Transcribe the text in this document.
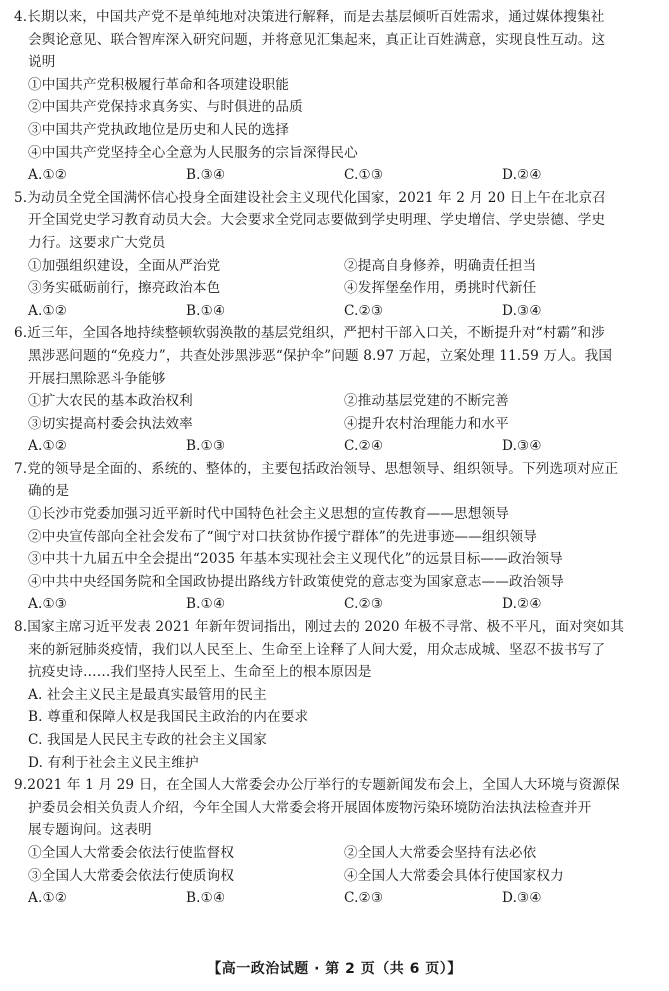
4.长期以来，中国共产党不是单纯地对决策进行解释，而是去基层倾听百姓需求，通过媒体搜集社
会舆论意见、联合智库深入研究问题，并将意见汇集起来，真正让百姓满意，实现良性互动。这
说明
①中国共产党积极履行革命和各项建设职能
②中国共产党保持求真务实、与时俱进的品质
③中国共产党执政地位是历史和人民的选择
④中国共产党坚持全心全意为人民服务的宗旨深得民心
A.①②	B.③④	C.①③	D.②④
5.为动员全党全国满怀信心投身全面建设社会主义现代化国家，2021 年 2 月 20 日上午在北京召
开全国党史学习教育动员大会。大会要求全党同志要做到学史明理、学史增信、学史崇德、学史
力行。这要求广大党员
①加强组织建设，全面从严治党	②提高自身修养，明确责任担当
③务实砥砺前行，擦亮政治本色	④发挥堡垒作用，勇挑时代新任
A.①②	B.①④	C.②③	D.③④
6.近三年，全国各地持续整顿软弱涣散的基层党组织，严把村干部入口关，不断提升对“村霸”和涉
黑涉恶问题的“免疫力”，共查处涉黑涉恶“保护伞”问题 8.97 万起，立案处理 11.59 万人。我国
开展扫黑除恶斗争能够
①扩大农民的基本政治权利	②推动基层党建的不断完善
③切实提高村委会执法效率	④提升农村治理能力和水平
A.①②	B.①③	C.②④	D.③④
7.党的领导是全面的、系统的、整体的，主要包括政治领导、思想领导、组织领导。下列选项对应正
确的是
①长沙市党委加强习近平新时代中国特色社会主义思想的宣传教育——思想领导
②中央宣传部向全社会发布了“闽宁对口扶贫协作援宁群体”的先进事迹——组织领导
③中共十九届五中全会提出“2035 年基本实现社会主义现代化”的远景目标——政治领导
④中共中央经国务院和全国政协提出路线方针政策使党的意志变为国家意志——政治领导
A.①③	B.①④	C.②③	D.②④
8.国家主席习近平发表 2021 年新年贺词指出，刚过去的 2020 年极不寻常、极不平凡，面对突如其
来的新冠肺炎疫情，我们以人民至上、生命至上诠释了人间大爱，用众志成城、坚忍不拔书写了
抗疫史诗……我们坚持人民至上、生命至上的根本原因是
A. 社会主义民主是最真实最管用的民主
B. 尊重和保障人权是我国民主政治的内在要求
C. 我国是人民民主专政的社会主义国家
D. 有利于社会主义民主维护
9.2021 年 1 月 29 日，在全国人大常委会办公厅举行的专题新闻发布会上，全国人大环境与资源保
护委员会相关负责人介绍，今年全国人大常委会将开展固体废物污染环境防治法执法检查并开
展专题询问。这表明
①全国人大常委会依法行使监督权	②全国人大常委会坚持有法必依
③全国人大常委会依法行使质询权	④全国人大常委会具体行使国家权力
A.①②	B.①④	C.②③	D.③④
【高一政治试题 · 第 2 页（共 6 页）】
